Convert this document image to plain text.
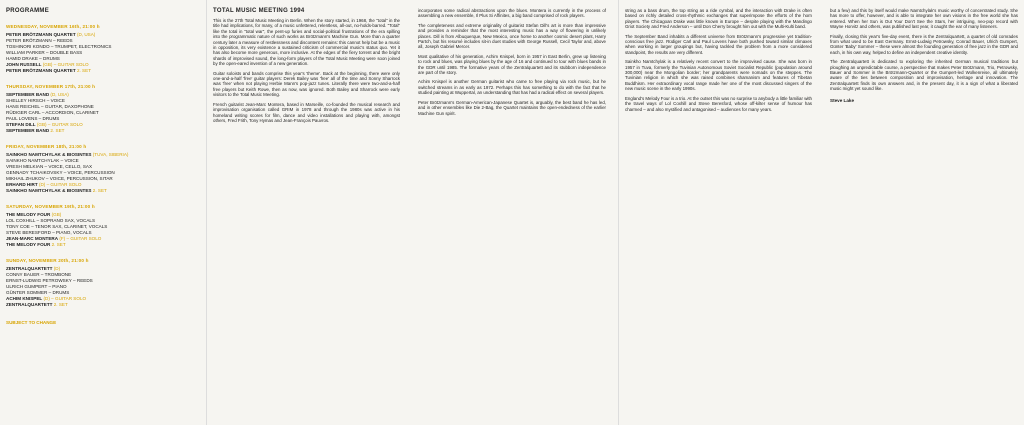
PROGRAMME
WEDNESDAY, NOVEMBER 16th, 21:00 h
PETER BRÖTZMANN QUARTET (D, USA)
PETER BRÖTZMANN – REEDS
TOSHINORI KONDO – TRUMPET, ELECTRONICS
WILLIAM PARKER – DOUBLE BASS
HAMID DRAKE – DRUMS
JOHN RUSSELL (GB) – GUITAR SOLO
PETER BRÖTZMANN QUARTET 2. SET
THURSDAY, NOVEMBER 17th, 21:00 h
SEPTEMBER BAND (D, USA)
SHELLEY HIRSCH – VOICE
HANS REICHEL – GUITAR, DAXOPHONE
RÜDIGER CARL – ACCORDION, CLARINET
PAUL LOVENS – DRUMS
STEFAN DILL (GB) – GUITAR SOLO
SEPTEMBER BAND 2. SET
FRIDAY, NOVEMBER 18th, 21:00 h
SAINKHO NAMTCHYLAK & BIOSINTES (TUVA, SIBERIA)
SAINKHO NAMTCHYLAK – VOICE
VRESH MELKIAN – VOICE, CELLO, SAX
GENNADY TCHAIKOVSKY – VOICE, PERCUSSION
MIKHAIL ZHUKOV – VOICE, PERCUSSION, SITAR
ERHARD HIRT (D) – GUITAR SOLO
SAINKHO NAMTCHYLAK & BIOSINTES 2. SET
SATURDAY, NOVEMBER 19th, 21:00 h
THE MELODY FOUR (GB)
LOL COXHILL – SOPRANO SAX, VOCALS
TONY COE – TENOR SAX, CLARINET, VOCALS
STEVE BERESFORD – PIANO, VOCALS
JEAN-MARC MONTERA (F) – GUITAR SOLO
THE MELODY FOUR 2. SET
SUNDAY, NOVEMBER 20th, 21:00 h
ZENTRALQUARTETT (D)
CONNY BAUER – TROMBONE
ERNST-LUDWIG PETROWSKY – REEDS
ULRICH GUMPERT – PIANO
GÜNTER SOMMER – DRUMS
ACHIM KNISPEL (D) – GUITAR SOLO
ZENTRALQUARTETT 2. SET
SUBJECT TO CHANGE
TOTAL MUSIC MEETING 1994

This is the 27th Total Music Meeting in Berlin. When the story started, in 1968, the "total" in the title had implications, for many, of a music unfettered, relentless, all-out, no-holds-barred. "Total" like the total in "total war", the pent-up furies and social-political frustrations of the era spilling into the programmatic nature of such works as Brötzmann's Machine Gun. More than a quarter century later a measure of restlessness and discontent remains: this cannot help but be a music in opposition, its very existence a sustained criticism of commercial music's status quo. Yet it has also become more generous, more inclusive. At the edges of the fiery torrent and the bright shards of improvised sound, the long-form players of the Total Music Meeting were soon joined by the open-eared invention of a new generation.

Guitar soloists and bands comprise this year's 'theme'. Back at the beginning, there were only one-and-a-half 'free' guitar players: Derek Bailey was 'free' all of the time and Sonny Sharrock was 'free' when not playing Herbie Mann's pop-jazz tunes. Literally there were two-and-a-half free players but Keith Rowe, then as now, was ignored. Both Bailey and Sharrock were early visitors to the Total Music Meeting.

French guitarist Jean-Marc Montera, based in Marseille, co-founded the musical research and improvisation organisation called GRIM in 1978 and through the 1980s was active in his homeland writing scores for film, dance and video installations and playing with, amongst others, Fred Frith, Tony Hymas and Jean-François Pauvros.

incorporates some radical abstractions upon the blues. Montera is currently in the process of assembling a new ensemble, Il Plus Si Affinites, a big band comprised of rock players.

The completeness and extreme originality of guitarist Stefan Dill's art is more than impressive and provides a reminder that the most interesting music has a way of flowering in unlikely places. Dill is from Albuquerque, New Mexico, once home to another cosmic desert plant, Harry Partch, but his resumé includes sit-in duet studies with George Russell, Cecil Taylor and, above all, Joseph Gabriel Mercer.

Most qualitative of his generation, Achim Knispel, born in 1957 in East Berlin, grew up listening to rock and blues, was playing blues by the age of 16 and continued to tour with blues bands in the GDR until 1985. The formative years of the Zentralquartett and its stubborn independence are part of the story.

Achim Knispel is another German guitarist who came to free playing via rock music, but he switched streams in as early as 1972. Perhaps this has something to do with the fact that he studied painting at Wuppertal, an understanding that has had a radical effect on several players.

Peter Brötzmann's German-American-Japanese Quartet is, arguably, the best band he has led, and in other ensembles like Die 2-Bag, the Quartet maintains the open-endedness of the earlier Machine Gun spirit.

string as a bass drum, the top string as a ride cymbal, and the interaction with Drake is often based on richly detailed cross-rhythmic exchanges that superimpose the efforts of the horn players. The Chicagoan Drake was little known in Europe – despite playing with the Mandingo Griot Society and Fred Anderson – until Don Cherry brought him out with the Multi-Kulti band.

The September Band inhabits a different universe from Brötzmann's progressive yet tradition-conscious free jazz. Rüdiger Carl and Paul Lovens have both pushed toward similar climaxes when working in larger groupings but, having tackled the problem from a more considered standpoint, the results are very different.

Sainkho Namtchylak is a relatively recent convert to the improvised cause. She was born in 1957 in Tuva, formerly the Tuvinian Autonomous Soviet Socialist Republic (population around 300,000) near the Mongolian border; her grandparents were nomads on the steppes. The Tuvinian religion in which she was raised combines shamanism and features of Tibetan Buddhism. Her extraordinary vocal range made her one of the most discussed singers of the new music scene in the early 1990s.

England's Melody Four is a trio. At the outset this was no surprise to anybody a little familiar with the travel ways of Lol Coxhill and Steve Beresford, whose off-kilter sense of humour has charmed – and also mystified and antagonised – audiences for many years.

but a few) and this by itself would make Namtchylak's music worthy of concentrated study. She has more to offer, however, and is able to integrate her own visions in the free world she has entered. When her Sun is Out Your Don't See the Stars, her intriguing, neo-pop record with Wayne Horvitz and others, was published last year, it caught the ear of many listeners.

Finally, closing this year's five-day event, there is the Zentralquartett, a quartet of old comrades from what used to be East Germany. Ernst-Ludwig Petrowsky, Conrad Bauer, Ulrich Gumpert, Günter 'Baby' Sommer – these were almost the founding generation of free jazz in the GDR and each, in his own way, helped to define an independent creative identity.

The Zentralquartett is dedicated to exploring the inherited German musical traditions but ploughing an unpredictable course, a perspective that makes Peter Brötzmann, Trio, Petrowsky, Bauer and Sommer in the Brötzmann-Quartet or the Gumpert-led Wolkenreise, all ultimately aware of the ties between composition and improvisation, heritage and innovation. The Zentralquartett finds its own answers and, in the present day, it is a sign of what a liberated music might yet sound like.

Steve Lake
